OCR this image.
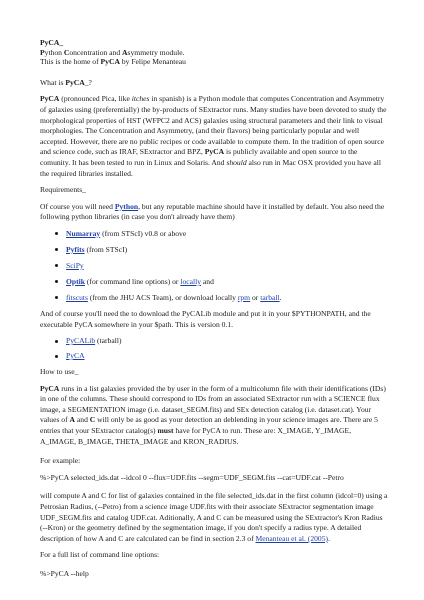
PyCA_
Python Concentration and Asymmetry module.
This is the home of PyCA by Felipe Menanteau
What is PyCA_?

PyCA (pronounced Pica, like itches in spanish) is a Python module that computes Concentration and Asymmetry of galaxies using (preferentially) the by-products of SExtractor runs. Many studies have been devoted to study the morphological properties of HST (WFPC2 and ACS) galaxies using structural parameters and their link to visual morphologies. The Concentration and Asymmetry, (and their flavors) being particularly popular and well accepted. However, there are no public recipes or code available to compute them. In the tradition of open source and science code, such as IRAF, SExtractor and BPZ, PyCA is publicly available and open source to the comunity. It has been tested to run in Linux and Solaris. And should also run in Mac OSX provided you have all the required libraries installed.

Requirements_

Of course you will need Python, but any reputable machine should have it installed by default. You also need the following python libraries (in case you don't already have them)

Numarray (from STScI) v0.8 or above
Pyfits (from STScI)
SciPy
Optik (for command line options) or locally and
fitscuts (from the JHU ACS Team), or download locally rpm or tarball.

And of course you'll need the to download the PyCALib module and put it in your $PYTHONPATH, and the executable PyCA somewhere in your $path. This is version 0.1.

PyCALib (tarball)
PyCA
How to use_

PyCA runs in a list galaxies provided the by user in the form of a multicolumn file with their identifications (IDs) in one of the columns. These should correspond to IDs from an associated SExtractor run with a SCIENCE flux image, a SEGMENTATION image (i.e. dataset_SEGM.fits) and SEx detection catalog (i.e. dataset.cat). Your values of A and C will only be as good as your detection an deblending in your science images are. There are 5 entries that your SExtractor catalog(s) must have for PyCA to run. These are: X_IMAGE, Y_IMAGE, A_IMAGE, B_IMAGE, THETA_IMAGE and KRON_RADIUS.

For example:

%>PyCA selected_ids.dat --idcol 0 --flux=UDF.fits --segm=UDF_SEGM.fits --cat=UDF.cat --Petro

will compute A and C for list of galaxies contained in the file selected_ids.dat in the first column (idcol=0) using a Petrosian Radius, (--Petro) from a science image UDF.fits with their associate SExtractor segmentation image UDF_SEGM.fits and catalog UDF.cat. Aditionally, A and C can be measured using the SExtractor's Kron Radius (--Kron) or the geometry defined by the segmentation image, if you don't specify a radius type. A detailed description of how A and C are calculated can be find in section 2.3 of Menanteau et al. (2005).

For a full list of command line options:

%>PyCA --help
